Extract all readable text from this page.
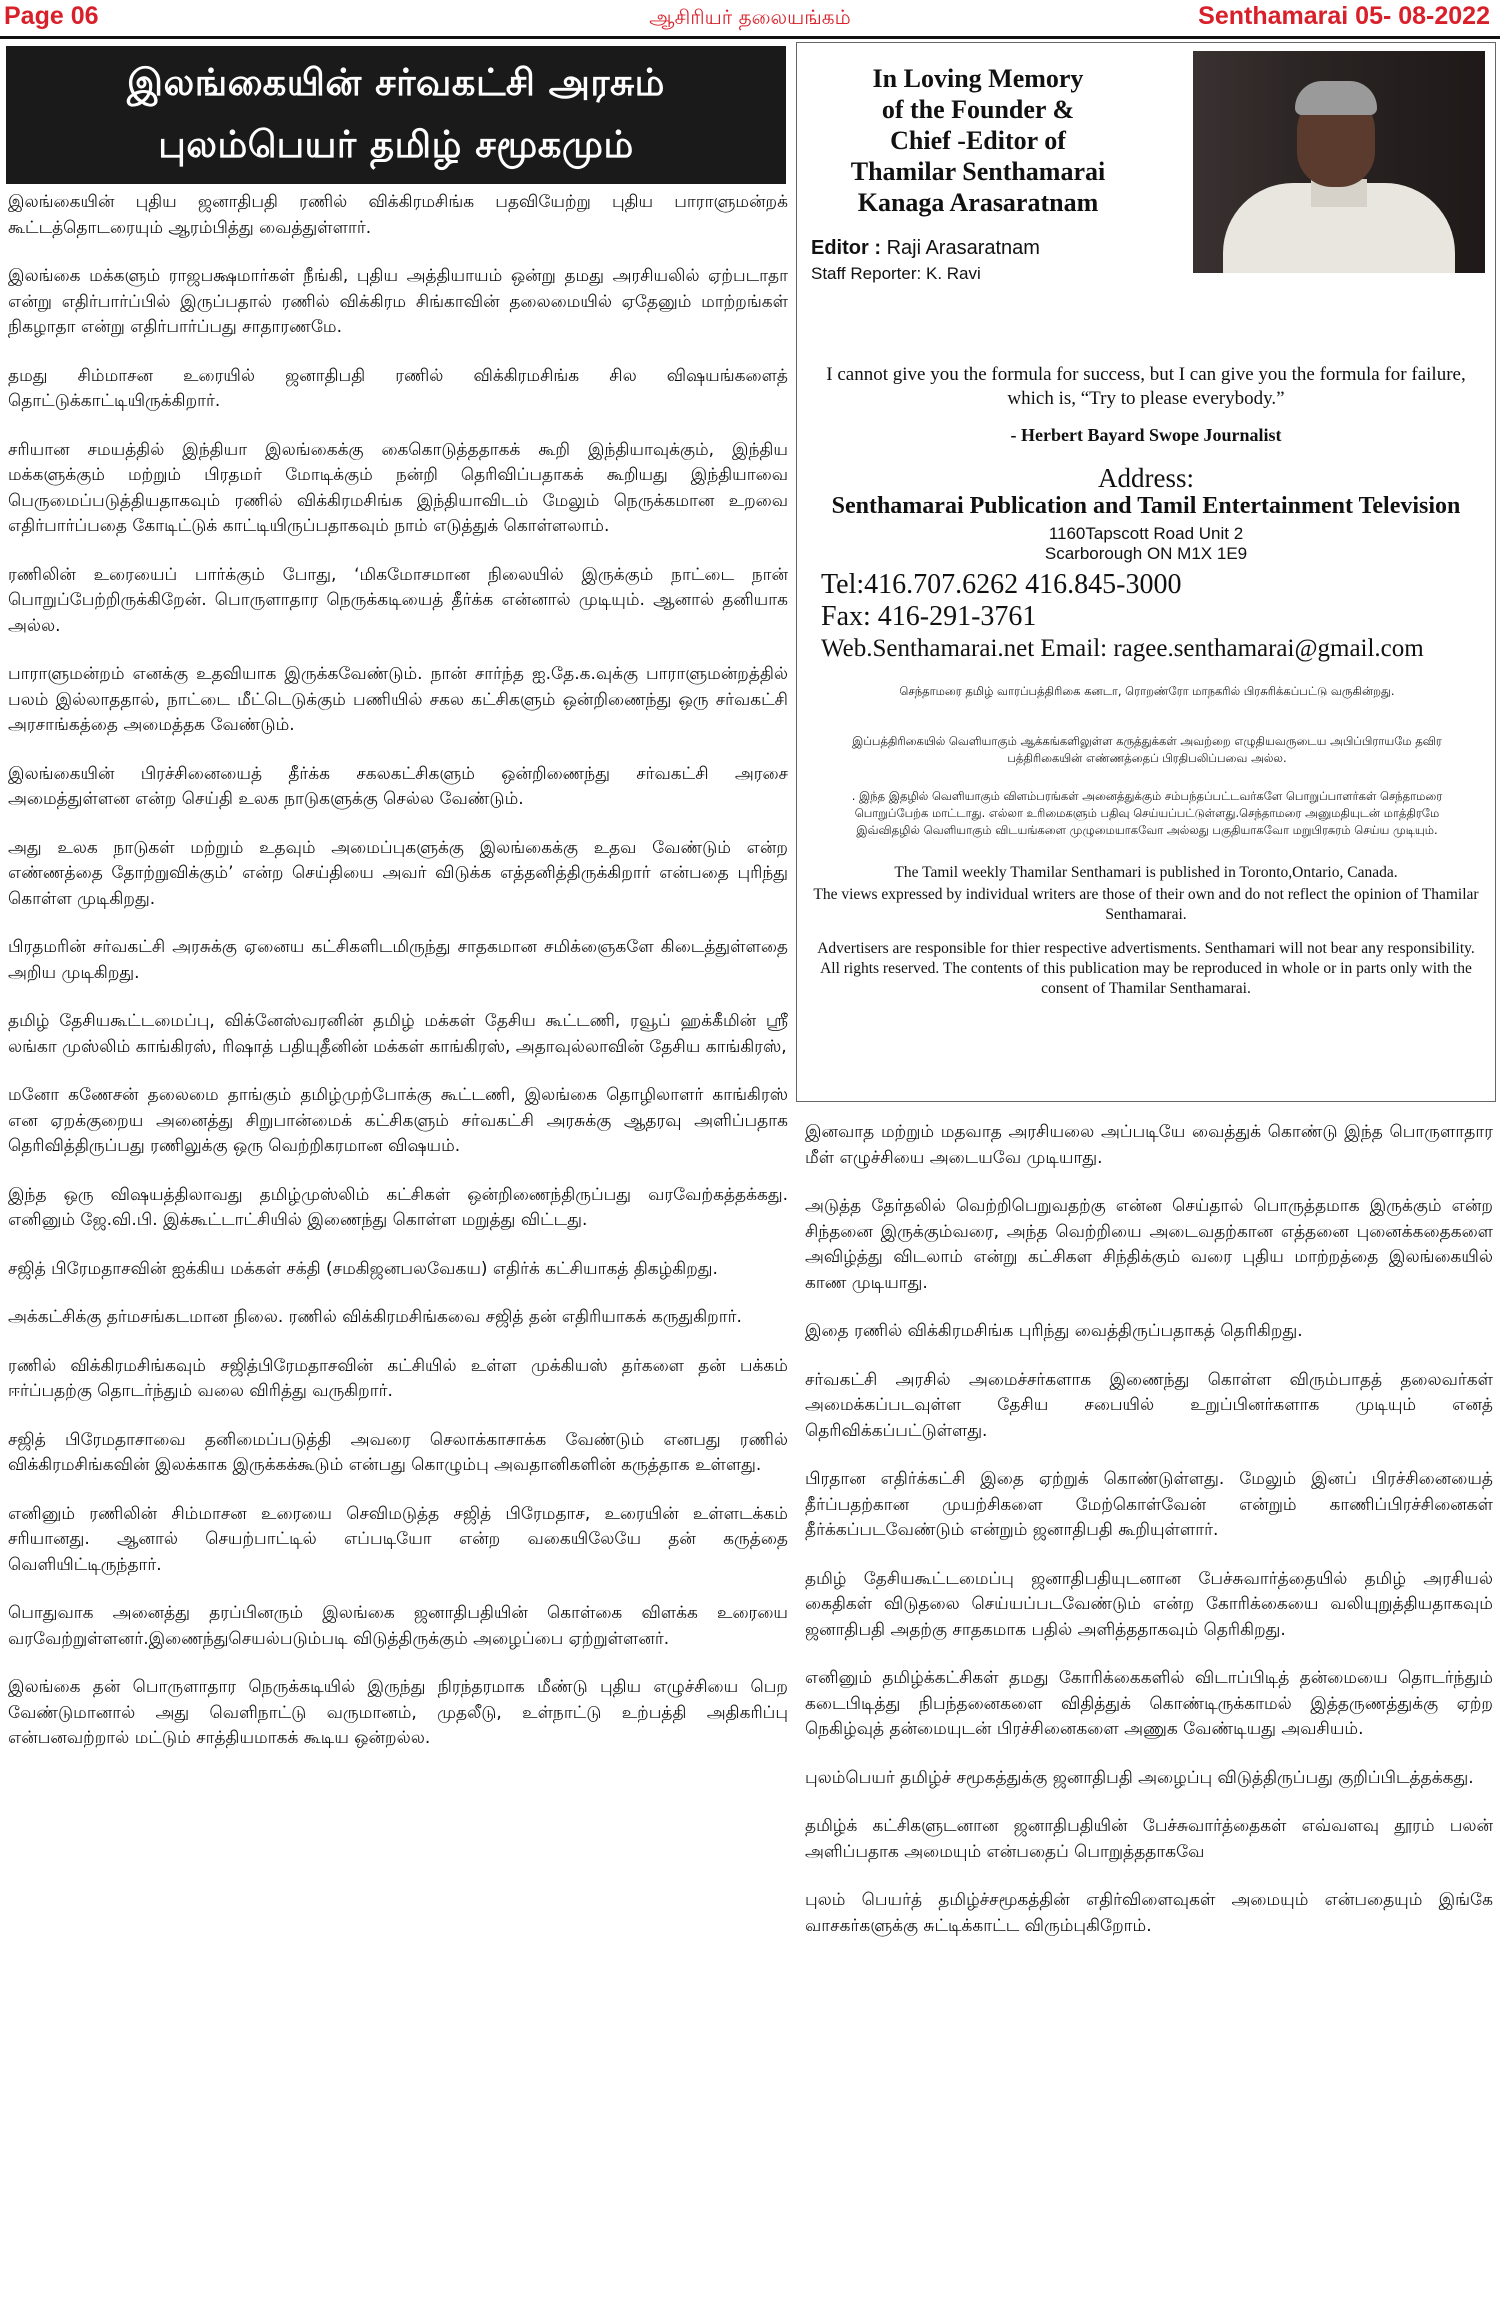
Page 06	ஆசிரியர் தலையங்கம்	Senthamarai 05- 08-2022
இலங்கையின் சர்வகட்சி அரசும்
புலம்பெயர் தமிழ் சமூகமும்

இலங்கையின் புதிய ஜனாதிபதி ரணில் விக்கிரமசிங்க பதவியேற்று புதிய பாராளுமன்றக் கூட்டத்தொடரையும் ஆரம்பித்து வைத்துள்ளார்.

இலங்கை மக்களும் ராஜபக்ஷமார்கள் நீங்கி, புதிய அத்தியாயம் ஒன்று தமது அரசியலில் ஏற்படாதா என்று எதிர்பார்ப்பில் இருப்பதால் ரணில் விக்கிரம சிங்காவின் தலைமையில் ஏதேனும் மாற்றங்கள் நிகழாதா என்று எதிர்பார்ப்பது சாதாரணமே.

தமது சிம்மாசன உரையில் ஜனாதிபதி ரணில் விக்கிரமசிங்க சில விஷயங்களைத் தொட்டுக்காட்டியிருக்கிறார்.

சரியான சமயத்தில் இந்தியா இலங்கைக்கு கைகொடுத்ததாகக் கூறி இந்தியாவுக்கும், இந்திய மக்களுக்கும் மற்றும் பிரதமர் மோடிக்கும் நன்றி தெரிவிப்பதாகக் கூறியது இந்தியாவை பெருமைப்படுத்தியதாகவும் ரணில் விக்கிரமசிங்க இந்தியாவிடம் மேலும் நெருக்கமான உறவை எதிர்பார்ப்பதை கோடிட்டுக் காட்டியிருப்பதாகவும் நாம் எடுத்துக் கொள்ளலாம்.

ரணிலின் உரையைப் பார்க்கும் போது, ‘மிகமோசமான நிலையில் இருக்கும் நாட்டை நான் பொறுப்பேற்றிருக்கிறேன். பொருளாதார நெருக்கடியைத் தீர்க்க என்னால் முடியும். ஆனால் தனியாக அல்ல.

பாராளுமன்றம் எனக்கு உதவியாக இருக்கவேண்டும். நான் சார்ந்த ஐ.தே.க.வுக்கு பாராளுமன்றத்தில் பலம் இல்லாததால், நாட்டை மீட்டெடுக்கும் பணியில் சகல கட்சிகளும் ஒன்றிணைந்து ஒரு சர்வகட்சி அரசாங்கத்தை அமைத்தக வேண்டும்.

இலங்கையின் பிரச்சினையைத் தீர்க்க சகலகட்சிகளும் ஒன்றிணைந்து சர்வகட்சி அரசை அமைத்துள்ளன என்ற செய்தி உலக நாடுகளுக்கு செல்ல வேண்டும்.

அது உலக நாடுகள் மற்றும் உதவும் அமைப்புகளுக்கு இலங்கைக்கு உதவ வேண்டும் என்ற எண்ணத்தை தோற்றுவிக்கும்’ என்ற செய்தியை அவர் விடுக்க எத்தனித்திருக்கிறார் என்பதை புரிந்து கொள்ள முடிகிறது.

பிரதமரின் சர்வகட்சி அரசுக்கு ஏனைய கட்சிகளிடமிருந்து சாதகமான சமிக்ஞைகளே கிடைத்துள்ளதை அறிய முடிகிறது.

தமிழ் தேசியகூட்டமைப்பு, விக்னேஸ்வரனின் தமிழ் மக்கள் தேசிய கூட்டணி, ரவூப் ஹக்கீமின் ஸ்ரீ லங்கா முஸ்லிம் காங்கிரஸ், ரிஷாத் பதியுதீனின் மக்கள் காங்கிரஸ், அதாவுல்லாவின் தேசிய காங்கிரஸ்,

மனோ கணேசன் தலைமை தாங்கும் தமிழ்முற்போக்கு கூட்டணி, இலங்கை தொழிலாளர் காங்கிரஸ் என ஏறக்குறைய அனைத்து சிறுபான்மைக் கட்சிகளும் சர்வகட்சி அரசுக்கு ஆதரவு அளிப்பதாக தெரிவித்திருப்பது ரணிலுக்கு ஒரு வெற்றிகரமான விஷயம்.

இந்த ஒரு விஷயத்திலாவது தமிழ்முஸ்லிம் கட்சிகள் ஒன்றிணைந்திருப்பது வரவேற்கத்தக்கது. எனினும் ஜே.வி.பி. இக்கூட்டாட்சியில் இணைந்து கொள்ள மறுத்து விட்டது.

சஜித் பிரேமதாசவின் ஐக்கிய மக்கள் சக்தி (சமகிஜனபலவேகய) எதிர்க் கட்சியாகத் திகழ்கிறது.

அக்கட்சிக்கு தர்மசங்கடமான நிலை. ரணில் விக்கிரமசிங்கவை சஜித் தன் எதிரியாகக் கருதுகிறார்.

ரணில் விக்கிரமசிங்கவும் சஜித்பிரேமதாசவின் கட்சியில் உள்ள முக்கியஸ் தர்களை தன் பக்கம் ஈர்ப்பதற்கு தொடர்ந்தும் வலை விரித்து வருகிறார்.

சஜித் பிரேமதாசாவை தனிமைப்படுத்தி அவரை செலாக்காசாக்க வேண்டும் எனபது ரணில் விக்கிரமசிங்கவின் இலக்காக இருக்கக்கூடும் என்பது கொழும்பு அவதானிகளின் கருத்தாக உள்ளது.

எனினும் ரணிலின் சிம்மாசன உரையை செவிமடுத்த சஜித் பிரேமதாச, உரையின் உள்ளடக்கம் சரியானது. ஆனால் செயற்பாட்டில் எப்படியோ என்ற வகையிலேயே தன் கருத்தை வெளியிட்டிருந்தார்.

பொதுவாக அனைத்து தரப்பினரும் இலங்கை ஜனாதிபதியின் கொள்கை விளக்க உரையை வரவேற்றுள்ளனர்.இணைந்துசெயல்படும்படி விடுத்திருக்கும் அழைப்பை ஏற்றுள்ளனர்.

இலங்கை தன் பொருளாதார நெருக்கடியில் இருந்து நிரந்தரமாக மீண்டு புதிய எழுச்சியை பெற வேண்டுமானால் அது வெளிநாட்டு வருமானம், முதலீடு, உள்நாட்டு உற்பத்தி அதிகரிப்பு என்பனவற்றால் மட்டும் சாத்தியமாகக் கூடிய ஒன்றல்ல.

In Loving Memory
of the Founder &
Chief -Editor of
Thamilar Senthamarai
Kanaga Arasaratnam
Editor : Raji Arasaratnam
Staff Reporter: K. Ravi
I cannot give you the formula for success, but I can give you the formula for failure, which is, “Try to please everybody.”
- Herbert Bayard Swope Journalist
Address:
Senthamarai Publication and Tamil Entertainment Television
1160Tapscott Road Unit 2
Scarborough ON M1X 1E9
Tel:416.707.6262 416.845-3000
Fax: 416-291-3761
Web.Senthamarai.net Email: ragee.senthamarai@gmail.com
செந்தாமரை தமிழ் வாரப்பத்திரிகை கனடா, ரொறண்ரோ மாநகரில் பிரசுரிக்கப்பட்டு வருகின்றது.
இப்பத்திரிகையில் வெளியாகும் ஆக்கங்களிலுள்ள கருத்துக்கள் அவற்றை எழுதியவருடைய அபிப்பிராயமே தவிர பத்திரிகையின் எண்ணத்தைப் பிரதிபலிப்பவை அல்ல.
. இந்த இதழில் வெளியாகும் விளம்பரங்கள் அனைத்துக்கும் சம்பந்தப்பட்டவர்களே பொறுப்பாளர்கள் செந்தாமரை பொறுப்பேற்க மாட்டாது. எல்லா உரிமைகளும் பதிவு செய்யப்பட்டுள்ளது.செந்தாமரை அனுமதியுடன் மாத்திரமே இவ்விதழில் வெளியாகும் விடயங்களை முழுமையாகவோ அல்லது பகுதியாகவோ மறுபிரசுரம் செய்ய முடியும்.
The Tamil weekly Thamilar Senthamari is published in Toronto,Ontario, Canada.
The views expressed by individual writers are those of their own and do not reflect the opinion of Thamilar Senthamarai.
Advertisers are responsible for thier respective advertisments. Senthamari will not bear any responsibility. All rights reserved. The contents of this publication may be reproduced in whole or in parts only with the consent of Thamilar Senthamarai.

இனவாத மற்றும் மதவாத அரசியலை அப்படியே வைத்துக் கொண்டு இந்த பொருளாதார மீள் எழுச்சியை அடையவே முடியாது.

அடுத்த தேர்தலில் வெற்றிபெறுவதற்கு என்ன செய்தால் பொருத்தமாக இருக்கும் என்ற சிந்தனை இருக்கும்வரை, அந்த வெற்றியை அடைவதற்கான எத்தனை புனைக்கதைகளை அவிழ்த்து விடலாம் என்று கட்சிகள சிந்திக்கும் வரை புதிய மாற்றத்தை இலங்கையில் காண முடியாது.

இதை ரணில் விக்கிரமசிங்க புரிந்து வைத்திருப்பதாகத் தெரிகிறது.

சர்வகட்சி அரசில் அமைச்சர்களாக இணைந்து கொள்ள விரும்பாதத் தலைவர்கள் அமைக்கப்படவுள்ள தேசிய சபையில் உறுப்பினர்களாக முடியும் எனத் தெரிவிக்கப்பட்டுள்ளது.

பிரதான எதிர்க்கட்சி இதை ஏற்றுக் கொண்டுள்ளது. மேலும் இனப் பிரச்சினையைத் தீர்ப்பதற்கான முயற்சிகளை மேற்கொள்வேன் என்றும் காணிப்பிரச்சினைகள் தீர்க்கப்படவேண்டும் என்றும் ஜனாதிபதி கூறியுள்ளார்.

தமிழ் தேசியகூட்டமைப்பு ஜனாதிபதியுடனான பேச்சுவார்த்தையில் தமிழ் அரசியல் கைதிகள் விடுதலை செய்யப்படவேண்டும் என்ற கோரிக்கையை வலியுறுத்தியதாகவும் ஜனாதிபதி அதற்கு சாதகமாக பதில் அளித்ததாகவும் தெரிகிறது.

எனினும் தமிழ்க்கட்சிகள் தமது கோரிக்கைகளில் விடாப்பிடித் தன்மையை தொடர்ந்தும் கடைபிடித்து நிபந்தனைகளை விதித்துக் கொண்டிருக்காமல் இத்தருணத்துக்கு ஏற்ற நெகிழ்வுத் தன்மையுடன் பிரச்சினைகளை அணுக வேண்டியது அவசியம்.

புலம்பெயர் தமிழ்ச் சமூகத்துக்கு ஜனாதிபதி அழைப்பு விடுத்திருப்பது குறிப்பிடத்தக்கது.

தமிழ்க் கட்சிகளுடனான ஜனாதிபதியின் பேச்சுவார்த்தைகள் எவ்வளவு தூரம் பலன் அளிப்பதாக அமையும் என்பதைப் பொறுத்ததாகவே

புலம் பெயர்த் தமிழ்ச்சமூகத்தின் எதிர்விளைவுகள் அமையும் என்பதையும் இங்கே வாசகர்களுக்கு சுட்டிக்காட்ட விரும்புகிறோம்.
